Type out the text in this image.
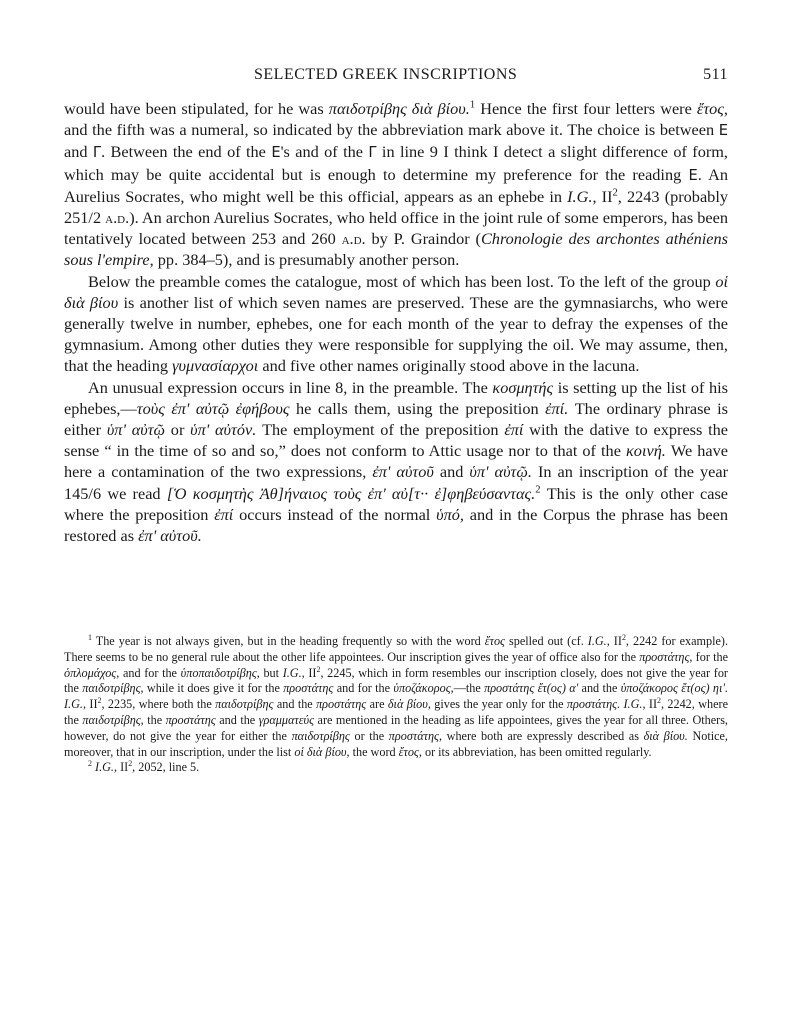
SELECTED GREEK INSCRIPTIONS	511

would have been stipulated, for he was παιδοτρίβης διὰ βίου.$^1$ Hence the first four letters were ἔτος, and the fifth was a numeral, so indicated by the abbreviation mark above it. The choice is between E and Γ. Between the end of the E's and of the Γ in line 9 I think I detect a slight difference of form, which may be quite accidental but is enough to determine my preference for the reading E. An Aurelius Socrates, who might well be this official, appears as an ephebe in I.G., $II^2$, 2243 (probably 251/2 a.d.). An archon Aurelius Socrates, who held office in the joint rule of some emperors, has been tentatively located between 253 and 260 a.d. by P. Graindor (Chronologie des archontes athéniens sous l'empire, pp. 384–5), and is presumably another person.

Below the preamble comes the catalogue, most of which has been lost. To the left of the group οἱ διὰ βίου is another list of which seven names are preserved. These are the gymnasiarchs, who were generally twelve in number, ephebes, one for each month of the year to defray the expenses of the gymnasium. Among other duties they were responsible for supplying the oil. We may assume, then, that the heading γυμνασίαρχοι and five other names originally stood above in the lacuna.

An unusual expression occurs in line 8, in the preamble. The κοσμητής is setting up the list of his ephebes,—τοὺς ἐπ' αὐτῷ ἐφήβους he calls them, using the preposition ἐπί. The ordinary phrase is either ὑπ' αὐτῷ or ὑπ' αὐτόν. The employment of the preposition ἐπί with the dative to express the sense “ in the time of so and so,” does not conform to Attic usage nor to that of the κοινή. We have here a contamination of the two expressions, ἐπ' αὐτοῦ and ὑπ' αὐτῷ. In an inscription of the year 145/6 we read [Ὁ κοσμητὴς Ἀθ]ήναιος τοὺς ἐπ' αὐ[τ·· ἐ]φηβεύσαντας.$^2$ This is the only other case where the preposition ἐπί occurs instead of the normal ὑπό, and in the Corpus the phrase has been restored as ἐπ' αὐτοῦ.

$^1$ The year is not always given, but in the heading frequently so with the word ἔτος spelled out (cf. I.G., $II^2$, 2242 for example). There seems to be no general rule about the other life appointees. Our inscription gives the year of office also for the προστάτης, for the ὁπλομάχος, and for the ὑποπαιδοτρίβης, but I.G., $II^2$, 2245, which in form resembles our inscription closely, does not give the year for the παιδοτρίβης, while it does give it for the προστάτης and for the ὑποζάκορος,—the προστάτης ἔτ(ος) α' and the ὑποζάκορος ἔτ(ος) ηι'. I.G., $II^2$, 2235, where both the παιδοτρίβης and the προστάτης are διὰ βίου, gives the year only for the προστάτης. I.G., $II^2$, 2242, where the παιδοτρίβης, the προστάτης and the γραμματεύς are mentioned in the heading as life appointees, gives the year for all three. Others, however, do not give the year for either the παιδοτρίβης or the προστάτης, where both are expressly described as διὰ βίου. Notice, moreover, that in our inscription, under the list οἱ διὰ βίου, the word ἔτος, or its abbreviation, has been omitted regularly.

$^2$ I.G., $II^2$, 2052, line 5.
